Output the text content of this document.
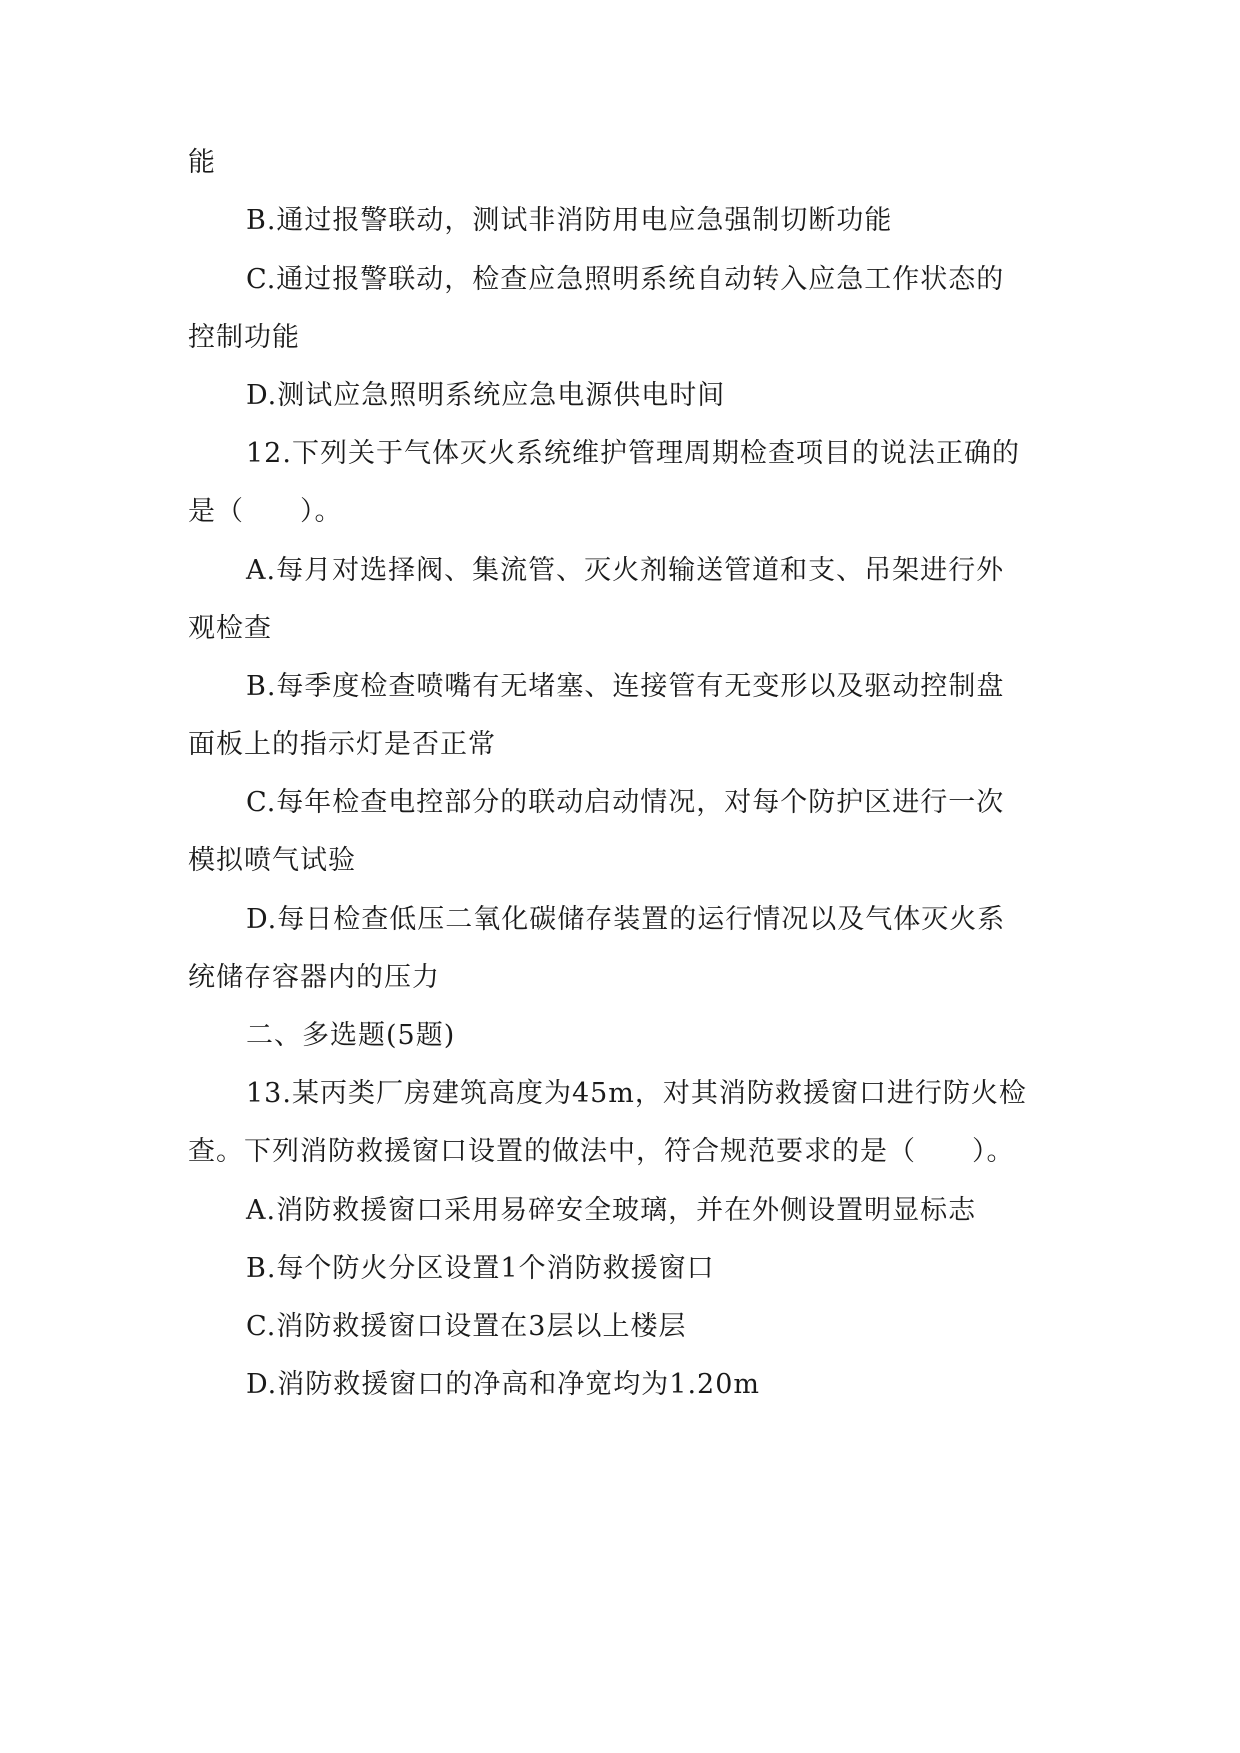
能

B.通过报警联动，测试非消防用电应急强制切断功能

C.通过报警联动，检查应急照明系统自动转入应急工作状态的

控制功能

D.测试应急照明系统应急电源供电时间

12.下列关于气体灭火系统维护管理周期检查项目的说法正确的

是（　　）。

A.每月对选择阀、集流管、灭火剂输送管道和支、吊架进行外

观检查

B.每季度检查喷嘴有无堵塞、连接管有无变形以及驱动控制盘

面板上的指示灯是否正常

C.每年检查电控部分的联动启动情况，对每个防护区进行一次

模拟喷气试验

D.每日检查低压二氧化碳储存装置的运行情况以及气体灭火系

统储存容器内的压力

二、多选题(5题)

13.某丙类厂房建筑高度为45m，对其消防救援窗口进行防火检

查。下列消防救援窗口设置的做法中，符合规范要求的是（　　）。

A.消防救援窗口采用易碎安全玻璃，并在外侧设置明显标志

B.每个防火分区设置1个消防救援窗口

C.消防救援窗口设置在3层以上楼层

D.消防救援窗口的净高和净宽均为1.20m
